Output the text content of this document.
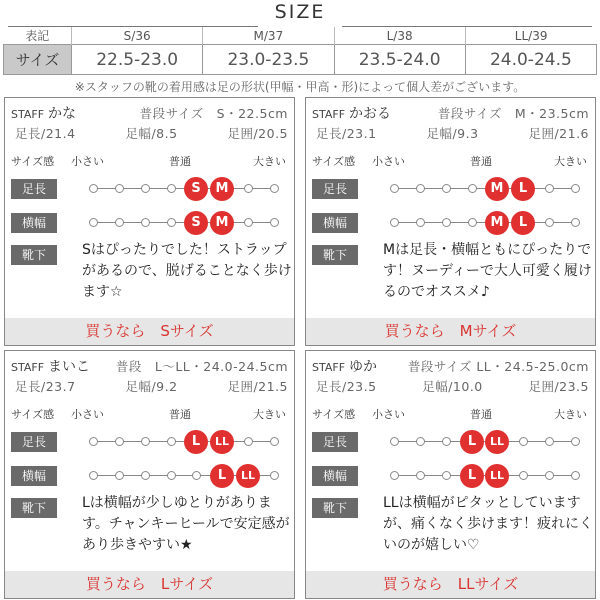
SIZE
表記	S/36	M/37	L/38	LL/39
サイズ	22.5-23.0	23.0-23.5	23.5-24.0	24.0-24.5
※スタッフの靴の着用感は足の形状(甲幅・甲高・形)によって個人差がございます。
STAFF かな	普段サイズ　S・22.5cm
足長/21.4	足幅/8.5	足囲/20.5
サイズ感 小さい	普通	大きい
足長	S	M
横幅	S	M
靴下	Sはぴったりでした！ストラップがあるので、脱げることなく歩けます☆
買うなら　Sサイズ
STAFF かおる	普段サイズ　M・23.5cm
足長/23.1	足幅/9.3	足囲/21.6
サイズ感 小さい	普通	大きい
足長	M	L
横幅	M	L
靴下	Mは足長・横幅ともにぴったりです！ヌーディーで大人可愛く履けるのでオススメ♪
買うなら　Mサイズ
STAFF まいこ	普段　L〜LL・24.0-24.5cm
足長/23.7	足幅/9.2	足囲/21.5
サイズ感 小さい	普通	大きい
足長	L	LL
横幅	L	LL
靴下	Lは横幅が少しゆとりがあります。チャンキーヒールで安定感があり歩きやすい★
買うなら　Lサイズ
STAFF ゆか	普段サイズ LL・24.5-25.0cm
足長/23.5	足幅/10.0	足囲/23.5
サイズ感 小さい	普通	大きい
足長	L	LL
横幅	L	LL
靴下	LLは横幅がピタッとしていますが、痛くなく歩けます！疲れにくいのが嬉しい♡
買うなら　LLサイズ
